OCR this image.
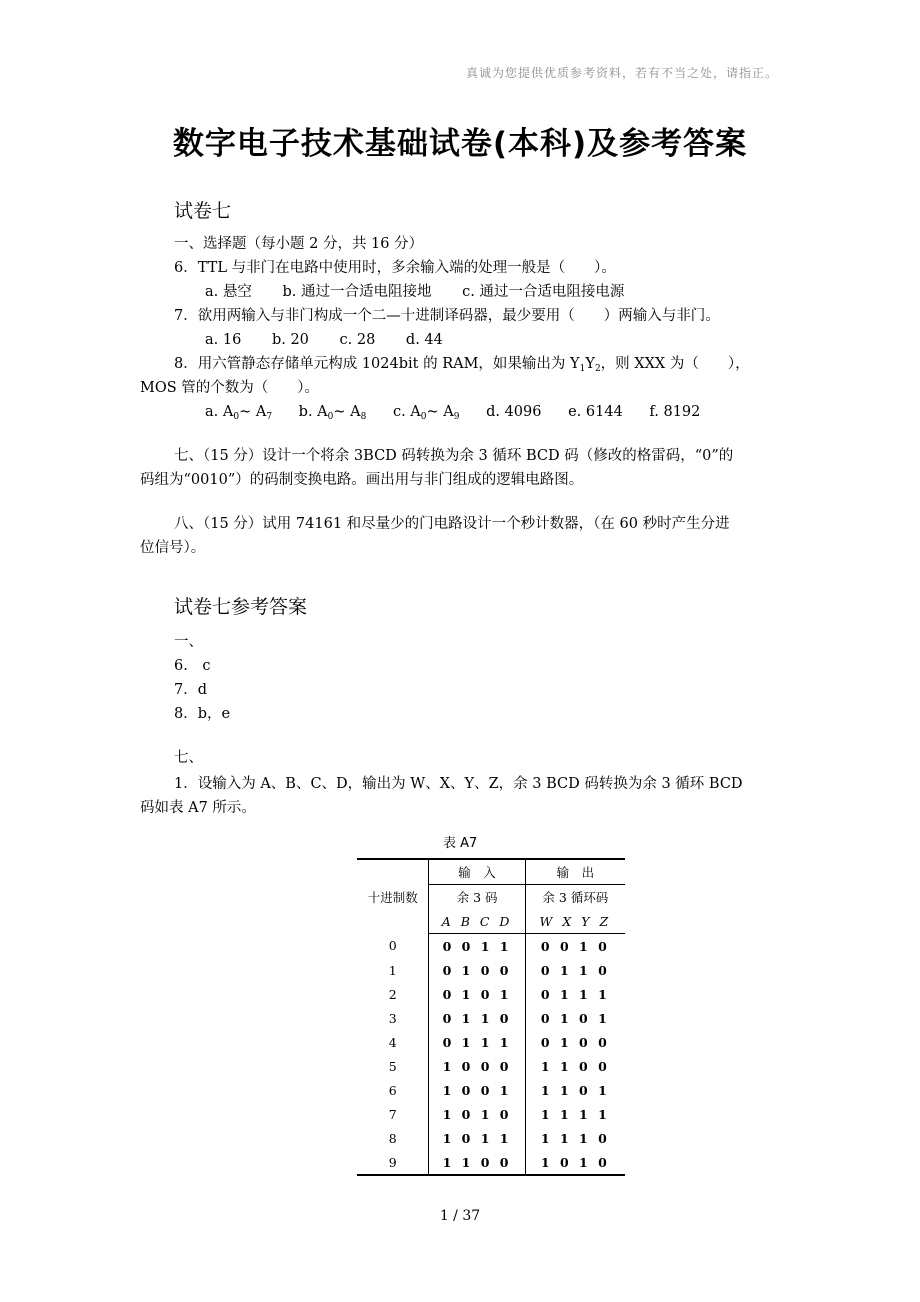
真诚为您提供优质参考资料，若有不当之处，请指正。
数字电子技术基础试卷(本科)及参考答案
试卷七
一、选择题（每小题 2 分，共 16 分）
6．TTL 与非门在电路中使用时，多余输入端的处理一般是（　　）。
a. 悬空 b. 通过一合适电阻接地 c. 通过一合适电阻接电源
7．欲用两输入与非门构成一个二—十进制译码器，最少要用（　　）两输入与非门。
a. 16 b. 20 c. 28 d. 44
8．用六管静态存储单元构成 1024bit 的 RAM，如果输出为 $Y_1Y_2$，则 XXX 为（　　），
MOS 管的个数为（　　）。
a. $A_0\sim$ $A_7$ b. $A_0\sim$ $A_8$ c. $A_0\sim$ $A_9$ d. 4096 e. 6144 f. 8192
七、（15 分）设计一个将余 3BCD 码转换为余 3 循环 BCD 码（修改的格雷码，“0”的
码组为“0010”）的码制变换电路。画出用与非门组成的逻辑电路图。
八、（15 分）试用 74161 和尽量少的门电路设计一个秒计数器，（在 60 秒时产生分进
位信号）。
试卷七参考答案
一、
6.　c
7．d
8．b，e
七、
1．设输入为 A、B、C、D，输出为 W、X、Y、Z，余 3 BCD 码转换为余 3 循环 BCD
码如表 A7 所示。
表 A7
十进制数	输　入	输　出
	余 3 码	余 3 循环码
	A B C D	W X Y Z
0	0 0 1 1	0 0 1 0
1	0 1 0 0	0 1 1 0
2	0 1 0 1	0 1 1 1
3	0 1 1 0	0 1 0 1
4	0 1 1 1	0 1 0 0
5	1 0 0 0	1 1 0 0
6	1 0 0 1	1 1 0 1
7	1 0 1 0	1 1 1 1
8	1 0 1 1	1 1 1 0
9	1 1 0 0	1 0 1 0
1 / 37
